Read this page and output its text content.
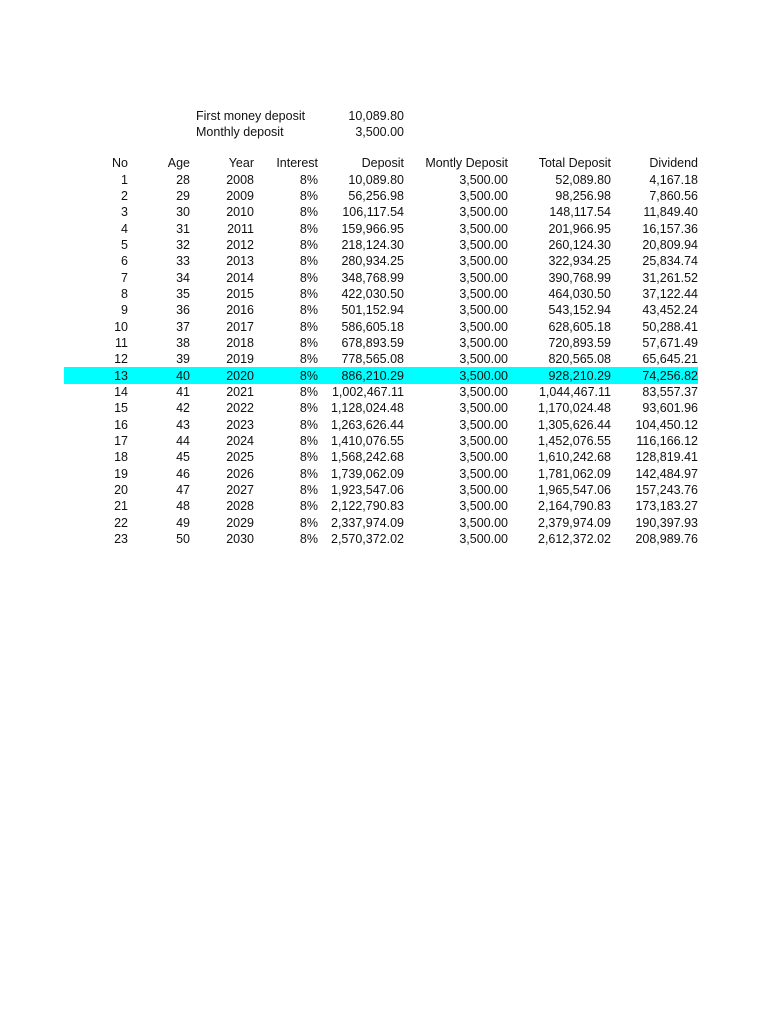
First money deposit	10,089.80
Monthly deposit	3,500.00
No	Age	Year	Interest	Deposit	Montly Deposit	Total Deposit	Dividend
1	28	2008	8%	10,089.80	3,500.00	52,089.80	4,167.18
2	29	2009	8%	56,256.98	3,500.00	98,256.98	7,860.56
3	30	2010	8%	106,117.54	3,500.00	148,117.54	11,849.40
4	31	2011	8%	159,966.95	3,500.00	201,966.95	16,157.36
5	32	2012	8%	218,124.30	3,500.00	260,124.30	20,809.94
6	33	2013	8%	280,934.25	3,500.00	322,934.25	25,834.74
7	34	2014	8%	348,768.99	3,500.00	390,768.99	31,261.52
8	35	2015	8%	422,030.50	3,500.00	464,030.50	37,122.44
9	36	2016	8%	501,152.94	3,500.00	543,152.94	43,452.24
10	37	2017	8%	586,605.18	3,500.00	628,605.18	50,288.41
11	38	2018	8%	678,893.59	3,500.00	720,893.59	57,671.49
12	39	2019	8%	778,565.08	3,500.00	820,565.08	65,645.21
13	40	2020	8%	886,210.29	3,500.00	928,210.29	74,256.82
14	41	2021	8%	1,002,467.11	3,500.00	1,044,467.11	83,557.37
15	42	2022	8%	1,128,024.48	3,500.00	1,170,024.48	93,601.96
16	43	2023	8%	1,263,626.44	3,500.00	1,305,626.44	104,450.12
17	44	2024	8%	1,410,076.55	3,500.00	1,452,076.55	116,166.12
18	45	2025	8%	1,568,242.68	3,500.00	1,610,242.68	128,819.41
19	46	2026	8%	1,739,062.09	3,500.00	1,781,062.09	142,484.97
20	47	2027	8%	1,923,547.06	3,500.00	1,965,547.06	157,243.76
21	48	2028	8%	2,122,790.83	3,500.00	2,164,790.83	173,183.27
22	49	2029	8%	2,337,974.09	3,500.00	2,379,974.09	190,397.93
23	50	2030	8%	2,570,372.02	3,500.00	2,612,372.02	208,989.76
